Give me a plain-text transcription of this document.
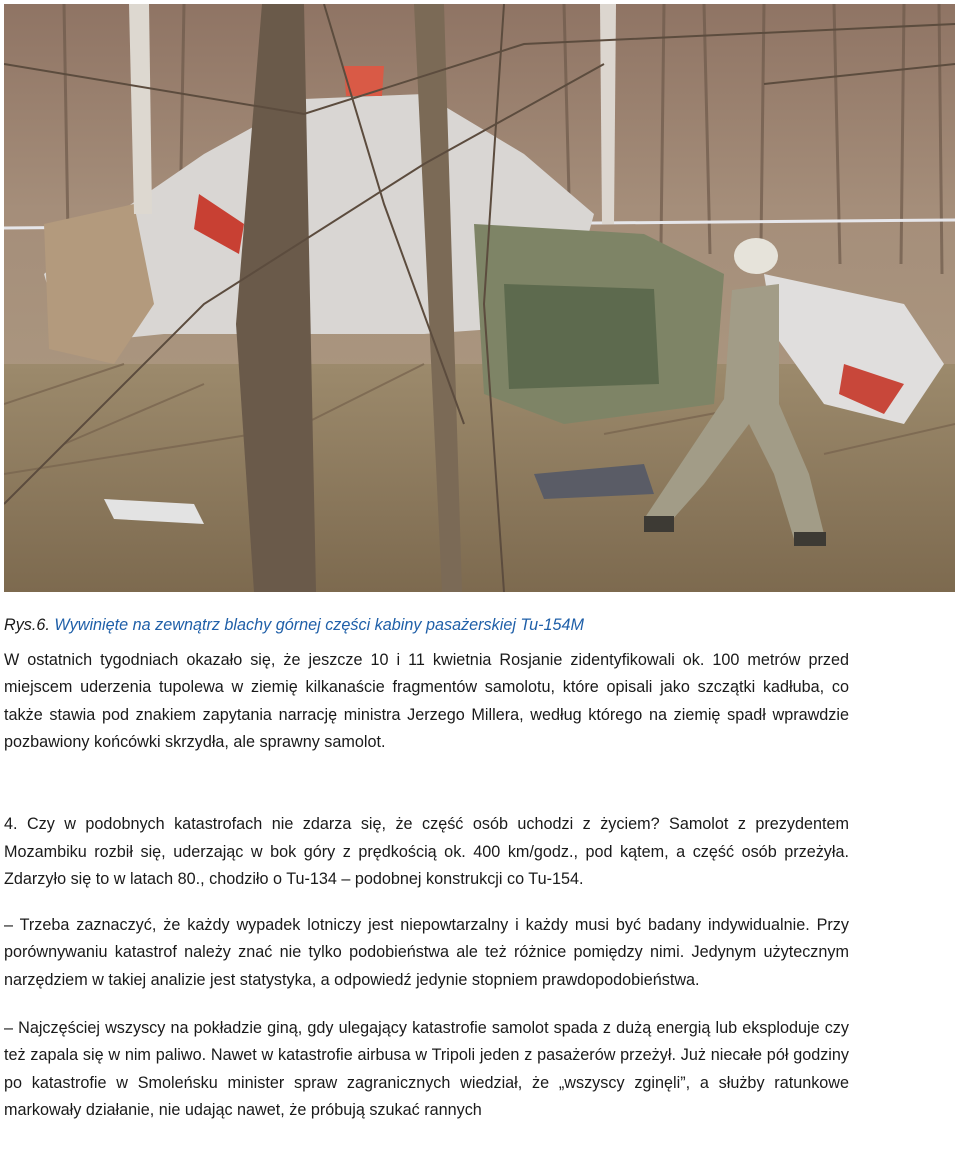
Rys.6. Wywinięte na zewnątrz blachy górnej części kabiny pasażerskiej Tu-154M

W ostatnich tygodniach okazało się, że jeszcze 10 i 11 kwietnia Rosjanie zidentyfikowali ok. 100 metrów przed miejscem uderzenia tupolewa w ziemię kilkanaście fragmentów samolotu, które opisali jako szczątki kadłuba, co także stawia pod znakiem zapytania narrację ministra Jerzego Millera, według którego na ziemię spadł wprawdzie pozbawiony końcówki skrzydła, ale sprawny samolot.

4. Czy w podobnych katastrofach nie zdarza się, że część osób uchodzi z życiem? Samolot z prezydentem Mozambiku rozbił się, uderzając w bok góry z prędkością ok. 400 km/godz., pod kątem, a część osób przeżyła. Zdarzyło się to w latach 80., chodziło o Tu-134 – podobnej konstrukcji co Tu-154.

– Trzeba zaznaczyć, że każdy wypadek lotniczy jest niepowtarzalny i każdy musi być badany indywidualnie. Przy porównywaniu katastrof należy znać nie tylko podobieństwa ale też różnice pomiędzy nimi. Jedynym użytecznym narzędziem w takiej analizie jest statystyka, a odpowiedź jedynie stopniem prawdopodobieństwa.

– Najczęściej wszyscy na pokładzie giną, gdy ulegający katastrofie samolot spada z dużą energią lub eksploduje czy też zapala się w nim paliwo. Nawet w katastrofie airbusa w Tripoli jeden z pasażerów przeżył. Już niecałe pół godziny po katastrofie w Smoleńsku minister spraw zagranicznych wiedział, że „wszyscy zginęli”, a służby ratunkowe markowały działanie, nie udając nawet, że próbują szukać rannych
